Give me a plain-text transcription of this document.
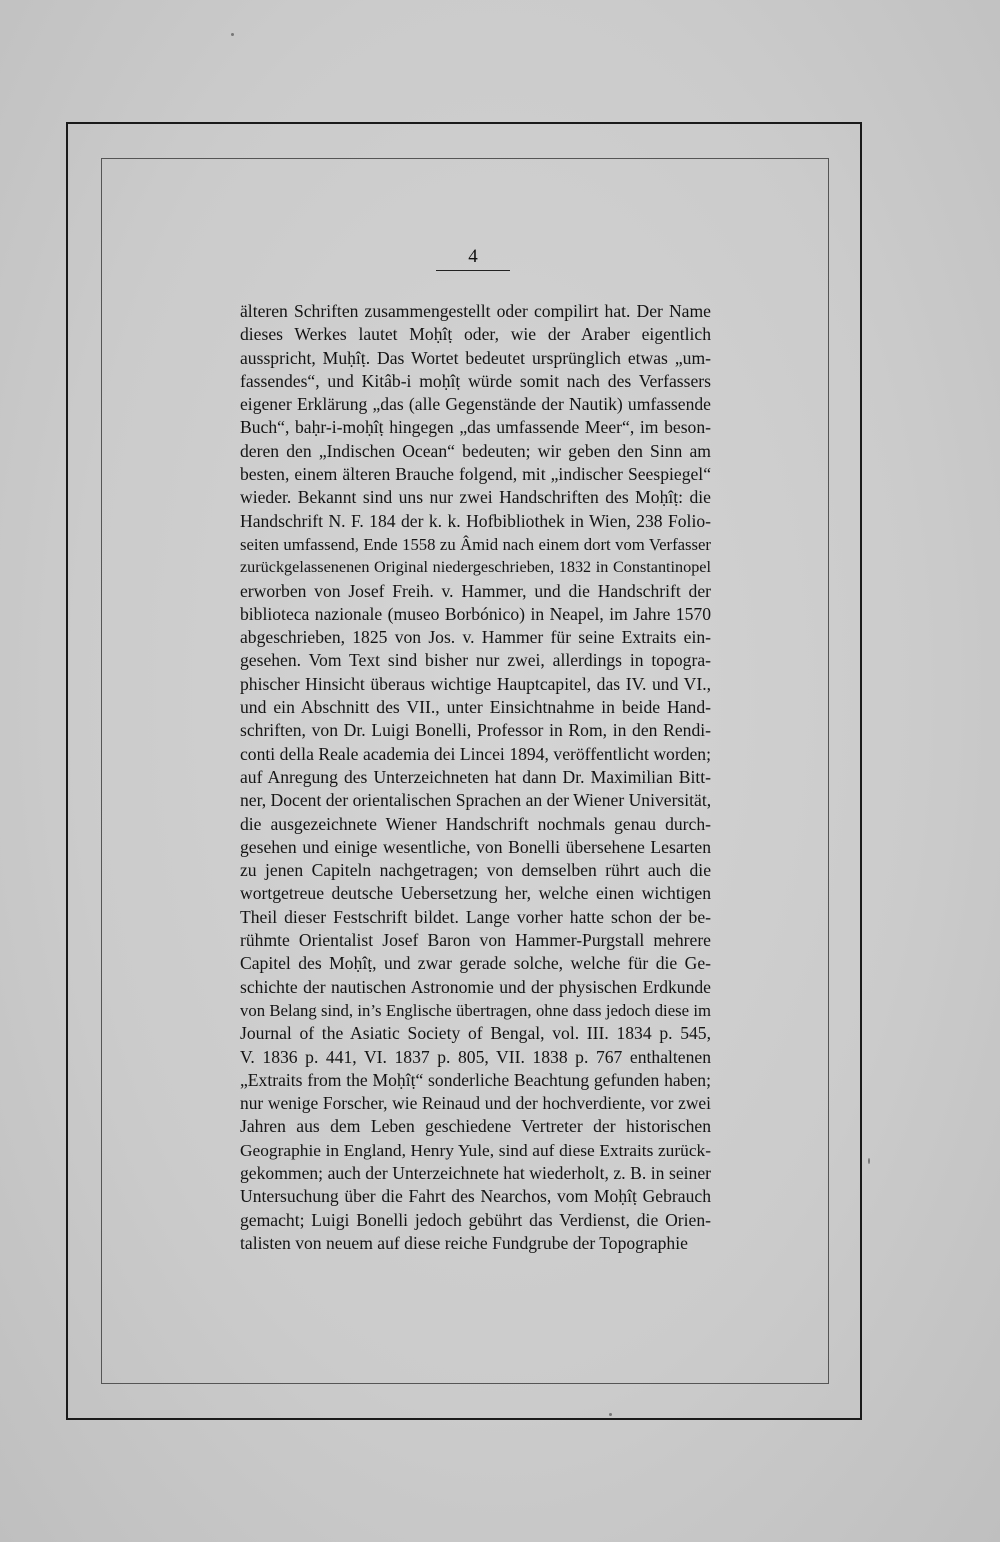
4
älteren Schriften zusammengestellt oder compilirt hat. Der Name
dieses Werkes lautet Moḥîṭ oder, wie der Araber eigentlich
ausspricht, Muḥîṭ. Das Wortet bedeutet ursprünglich etwas „um-
fassendes“, und Kitâb-i moḥîṭ würde somit nach des Verfassers
eigener Erklärung „das (alle Gegenstände der Nautik) umfassende
Buch“, baḥr-i-moḥîṭ hingegen „das umfassende Meer“, im beson-
deren den „Indischen Ocean“ bedeuten; wir geben den Sinn am
besten, einem älteren Brauche folgend, mit „indischer Seespiegel“
wieder. Bekannt sind uns nur zwei Handschriften des Moḥîṭ: die
Handschrift N. F. 184 der k. k. Hofbibliothek in Wien, 238 Folio-
seiten umfassend, Ende 1558 zu Âmid nach einem dort vom Verfasser
zurückgelassenenen Original niedergeschrieben, 1832 in Constantinopel
erworben von Josef Freih. v. Hammer, und die Handschrift der
biblioteca nazionale (museo Borbónico) in Neapel, im Jahre 1570
abgeschrieben, 1825 von Jos. v. Hammer für seine Extraits ein-
gesehen. Vom Text sind bisher nur zwei, allerdings in topogra-
phischer Hinsicht überaus wichtige Hauptcapitel, das IV. und VI.,
und ein Abschnitt des VII., unter Einsichtnahme in beide Hand-
schriften, von Dr. Luigi Bonelli, Professor in Rom, in den Rendi-
conti della Reale academia dei Lincei 1894, veröffentlicht worden;
auf Anregung des Unterzeichneten hat dann Dr. Maximilian Bitt-
ner, Docent der orientalischen Sprachen an der Wiener Universität,
die ausgezeichnete Wiener Handschrift nochmals genau durch-
gesehen und einige wesentliche, von Bonelli übersehene Lesarten
zu jenen Capiteln nachgetragen; von demselben rührt auch die
wortgetreue deutsche Uebersetzung her, welche einen wichtigen
Theil dieser Festschrift bildet. Lange vorher hatte schon der be-
rühmte Orientalist Josef Baron von Hammer-Purgstall mehrere
Capitel des Moḥîṭ, und zwar gerade solche, welche für die Ge-
schichte der nautischen Astronomie und der physischen Erdkunde
von Belang sind, in’s Englische übertragen, ohne dass jedoch diese im
Journal of the Asiatic Society of Bengal, vol. III. 1834 p. 545,
V. 1836 p. 441, VI. 1837 p. 805, VII. 1838 p. 767 enthaltenen
„Extraits from the Moḥîṭ“ sonderliche Beachtung gefunden haben;
nur wenige Forscher, wie Reinaud und der hochverdiente, vor zwei
Jahren aus dem Leben geschiedene Vertreter der historischen
Geographie in England, Henry Yule, sind auf diese Extraits zurück-
gekommen; auch der Unterzeichnete hat wiederholt, z. B. in seiner
Untersuchung über die Fahrt des Nearchos, vom Moḥîṭ Gebrauch
gemacht; Luigi Bonelli jedoch gebührt das Verdienst, die Orien-
talisten von neuem auf diese reiche Fundgrube der Topographie
